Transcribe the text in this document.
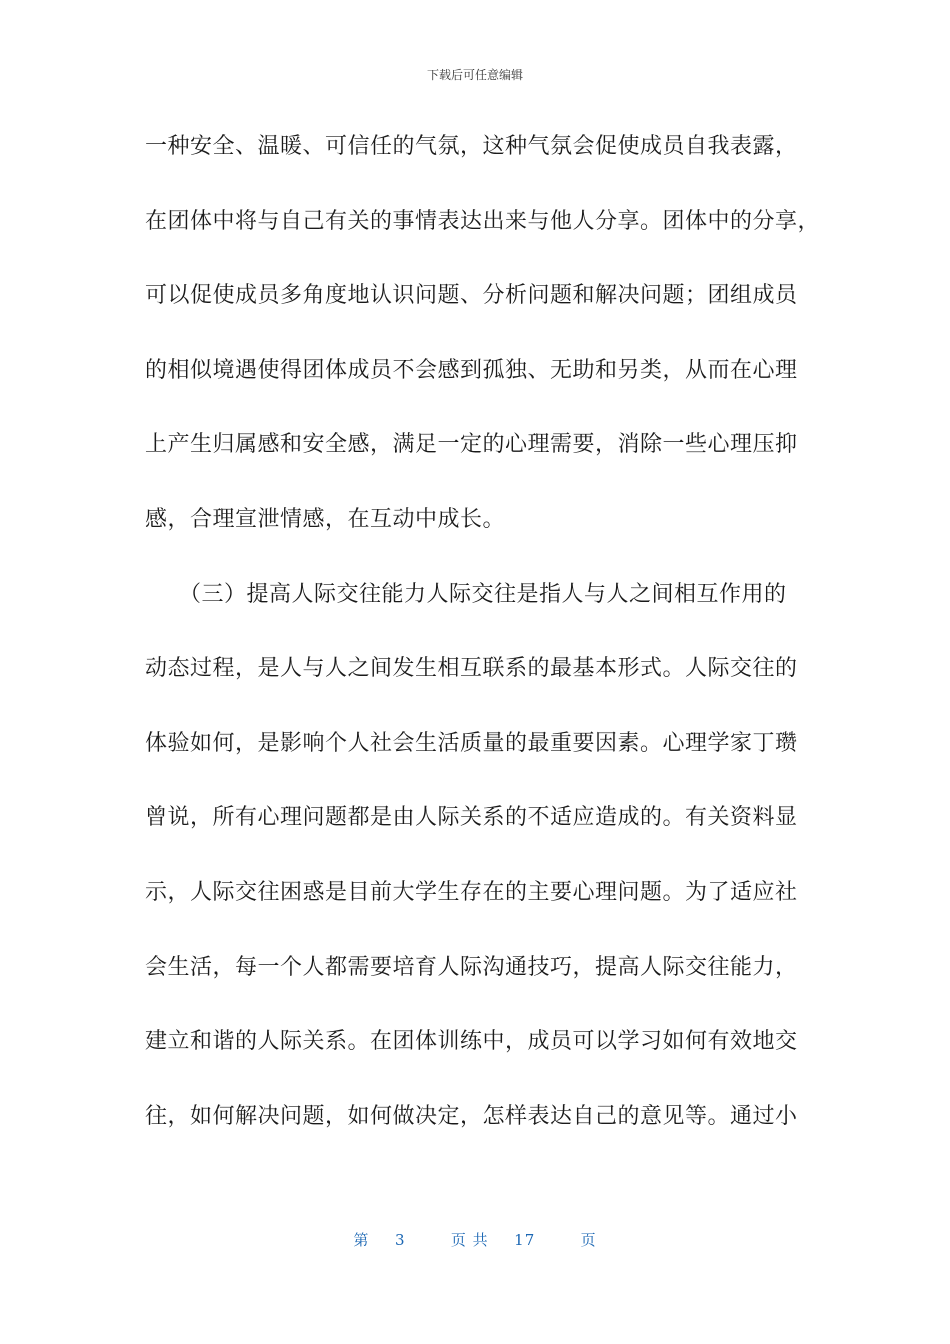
下载后可任意编辑
一种安全、温暖、可信任的气氛，这种气氛会促使成员自我表露，
在团体中将与自己有关的事情表达出来与他人分享。团体中的分享，
可以促使成员多角度地认识问题、分析问题和解决问题；团组成员
的相似境遇使得团体成员不会感到孤独、无助和另类，从而在心理
上产生归属感和安全感，满足一定的心理需要，消除一些心理压抑
感，合理宣泄情感，在互动中成长。
（三）提高人际交往能力人际交往是指人与人之间相互作用的
动态过程，是人与人之间发生相互联系的最基本形式。人际交往的
体验如何，是影响个人社会生活质量的最重要因素。心理学家丁瓒
曾说，所有心理问题都是由人际关系的不适应造成的。有关资料显
示，人际交往困惑是目前大学生存在的主要心理问题。为了适应社
会生活，每一个人都需要培育人际沟通技巧，提高人际交往能力，
建立和谐的人际关系。在团体训练中，成员可以学习如何有效地交
往，如何解决问题，如何做决定，怎样表达自己的意见等。通过小
第 3	页 共 17	页
